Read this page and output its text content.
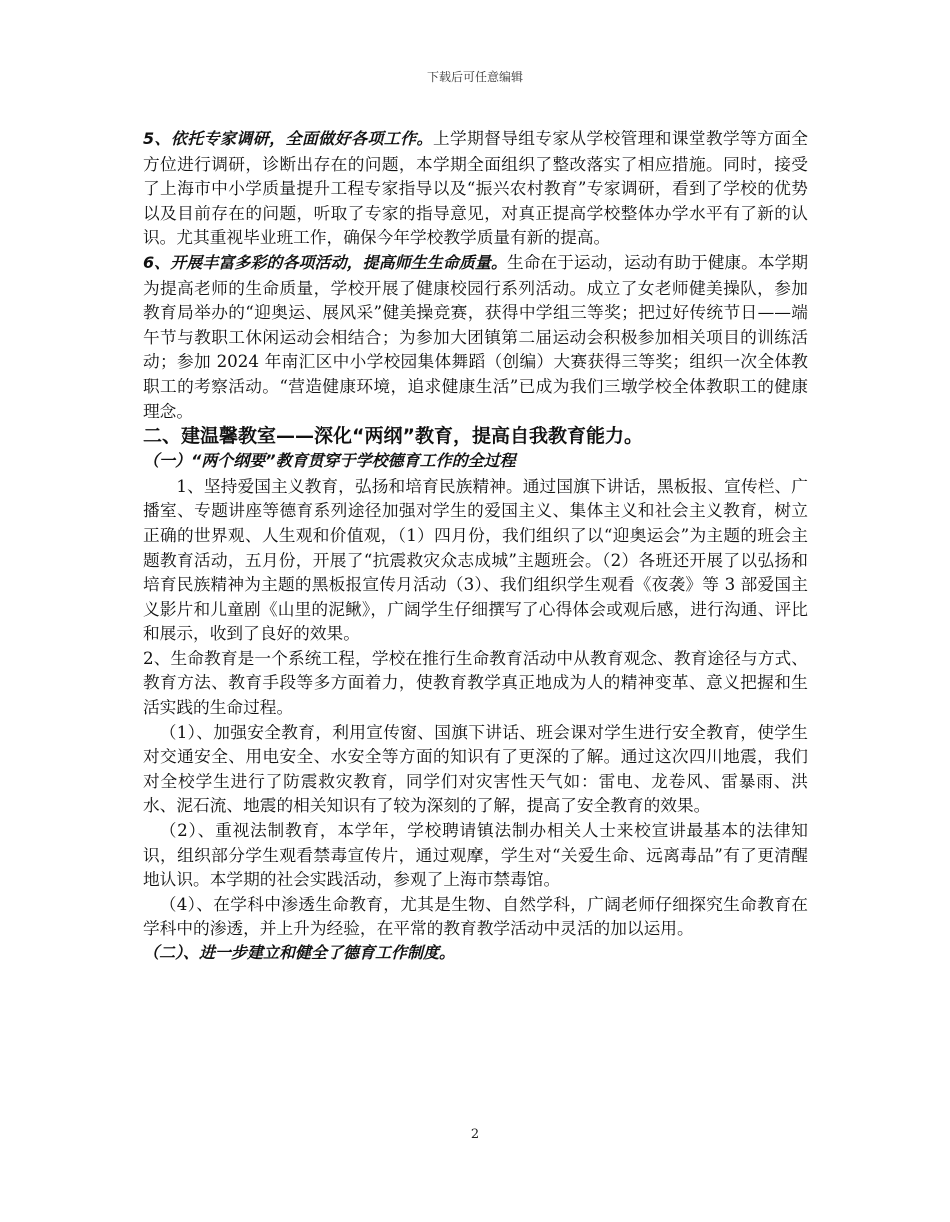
下载后可任意编辑

5、依托专家调研，全面做好各项工作。上学期督导组专家从学校管理和课堂教学等方面全方位进行调研，诊断出存在的问题，本学期全面组织了整改落实了相应措施。同时，接受了上海市中小学质量提升工程专家指导以及“振兴农村教育”专家调研，看到了学校的优势以及目前存在的问题，听取了专家的指导意见，对真正提高学校整体办学水平有了新的认识。尤其重视毕业班工作，确保今年学校教学质量有新的提高。

6、开展丰富多彩的各项活动，提高师生生命质量。生命在于运动，运动有助于健康。本学期为提高老师的生命质量，学校开展了健康校园行系列活动。成立了女老师健美操队，参加教育局举办的“迎奥运、展风采”健美操竞赛，获得中学组三等奖；把过好传统节日——端午节与教职工休闲运动会相结合；为参加大团镇第二届运动会积极参加相关项目的训练活动；参加 2024 年南汇区中小学校园集体舞蹈（创编）大赛获得三等奖；组织一次全体教职工的考察活动。“营造健康环境，追求健康生活”已成为我们三墩学校全体教职工的健康理念。

二、建温馨教室——深化“两纲”教育，提高自我教育能力。

（一）“两个纲要”教育贯穿于学校德育工作的全过程

1、坚持爱国主义教育，弘扬和培育民族精神。通过国旗下讲话，黑板报、宣传栏、广播室、专题讲座等德育系列途径加强对学生的爱国主义、集体主义和社会主义教育，树立正确的世界观、人生观和价值观，（1）四月份，我们组织了以“迎奥运会”为主题的班会主题教育活动，五月份，开展了“抗震救灾众志成城”主题班会。（2）各班还开展了以弘扬和培育民族精神为主题的黑板报宣传月活动（3）、我们组织学生观看《夜袭》等 3 部爱国主义影片和儿童剧《山里的泥鳅》，广阔学生仔细撰写了心得体会或观后感，进行沟通、评比和展示，收到了良好的效果。

2、生命教育是一个系统工程，学校在推行生命教育活动中从教育观念、教育途径与方式、教育方法、教育手段等多方面着力，使教育教学真正地成为人的精神变革、意义把握和生活实践的生命过程。

（1）、加强安全教育，利用宣传窗、国旗下讲话、班会课对学生进行安全教育，使学生对交通安全、用电安全、水安全等方面的知识有了更深的了解。通过这次四川地震，我们对全校学生进行了防震救灾教育，同学们对灾害性天气如：雷电、龙卷风、雷暴雨、洪水、泥石流、地震的相关知识有了较为深刻的了解，提高了安全教育的效果。

（2）、重视法制教育，本学年，学校聘请镇法制办相关人士来校宣讲最基本的法律知识，组织部分学生观看禁毒宣传片，通过观摩，学生对“关爱生命、远离毒品”有了更清醒地认识。本学期的社会实践活动，参观了上海市禁毒馆。

（4）、在学科中渗透生命教育，尤其是生物、自然学科，广阔老师仔细探究生命教育在学科中的渗透，并上升为经验，在平常的教育教学活动中灵活的加以运用。

（二）、进一步建立和健全了德育工作制度。

2
